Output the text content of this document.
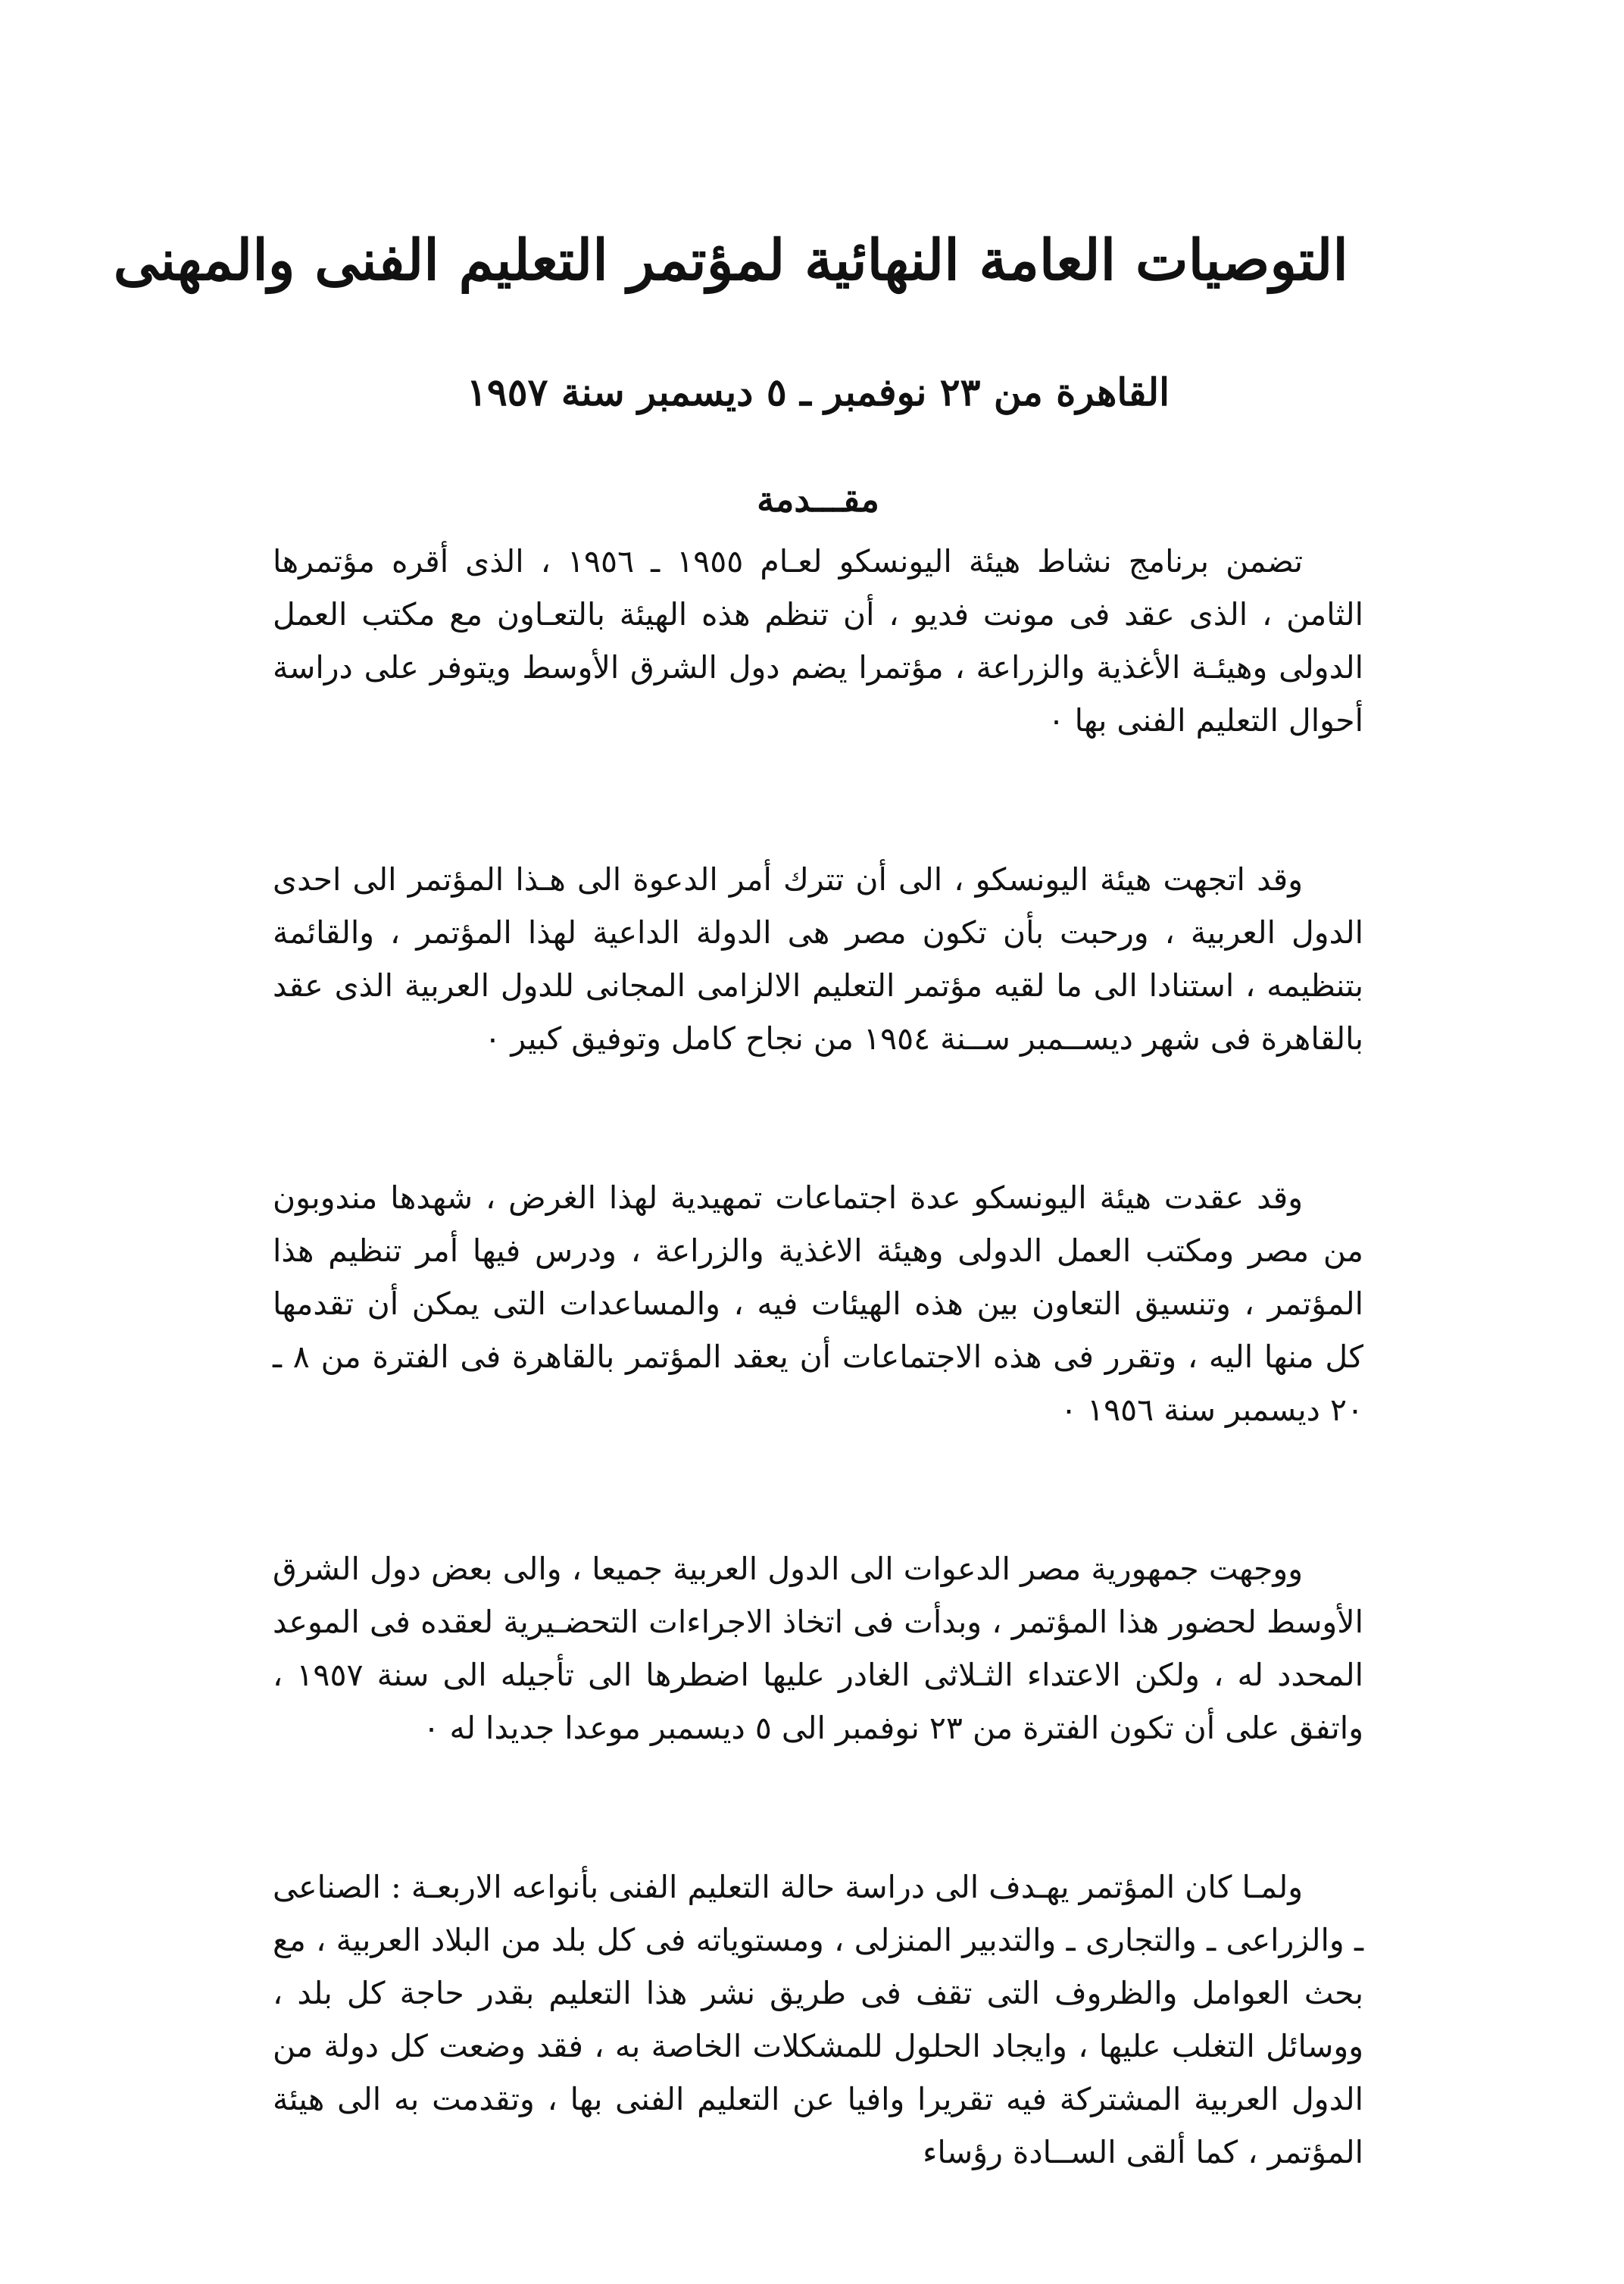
التوصيات العامة النهائية لمؤتمر التعليم الفنى والمهنى
القاهرة من ٢٣ نوفمبر ـ ٥ ديسمبر سنة ١٩٥٧
مقـــدمة

تضمن برنامج نشاط هيئة اليونسكو لعـام ١٩٥٥ ـ ١٩٥٦ ، الذى أقره مؤتمرها الثامن ، الذى عقد فى مونت فديو ، أن تنظم هذه الهيئة بالتعـاون مع مكتب العمل الدولى وهيئـة الأغذية والزراعة ، مؤتمرا يضم دول الشرق الأوسط ويتوفر على دراسة أحوال التعليم الفنى بها ٠

وقد اتجهت هيئة اليونسكو ، الى أن تترك أمر الدعوة الى هـذا المؤتمر الى احدى الدول العربية ، ورحبت بأن تكون مصر هى الدولة الداعية لهذا المؤتمر ، والقائمة بتنظيمه ، استنادا الى ما لقيه مؤتمر التعليم الالزامى المجانى للدول العربية الذى عقد بالقاهرة فى شهر ديســمبر ســنة ١٩٥٤ من نجاح كامل وتوفيق كبير ٠

وقد عقدت هيئة اليونسكو عدة اجتماعات تمهيدية لهذا الغرض ، شهدها مندوبون من مصر ومكتب العمل الدولى وهيئة الاغذية والزراعة ، ودرس فيها أمر تنظيم هذا المؤتمر ، وتنسيق التعاون بين هذه الهيئات فيه ، والمساعدات التى يمكن أن تقدمها كل منها اليه ، وتقرر فى هذه الاجتماعات أن يعقد المؤتمر بالقاهرة فى الفترة من ٨ ـ ٢٠ ديسمبر سنة ١٩٥٦ ٠

ووجهت جمهورية مصر الدعوات الى الدول العربية جميعا ، والى بعض دول الشرق الأوسط لحضور هذا المؤتمر ، وبدأت فى اتخاذ الاجراءات التحضـيرية لعقده فى الموعد المحدد له ، ولكن الاعتداء الثـلاثى الغادر عليها اضطرها الى تأجيله الى سنة ١٩٥٧ ، واتفق على أن تكون الفترة من ٢٣ نوفمبر الى ٥ ديسمبر موعدا جديدا له ٠

ولمـا كان المؤتمر يهـدف الى دراسة حالة التعليم الفنى بأنواعه الاربعـة : الصناعى ـ والزراعى ـ والتجارى ـ والتدبير المنزلى ، ومستوياته فى كل بلد من البلاد العربية ، مع بحث العوامل والظروف التى تقف فى طريق نشر هذا التعليم بقدر حاجة كل بلد ، ووسائل التغلب عليها ، وايجاد الحلول للمشكلات الخاصة به ، فقد وضعت كل دولة من الدول العربية المشتركة فيه تقريرا وافيا عن التعليم الفنى بها ، وتقدمت به الى هيئة المؤتمر ، كما ألقى الســادة رؤساء
